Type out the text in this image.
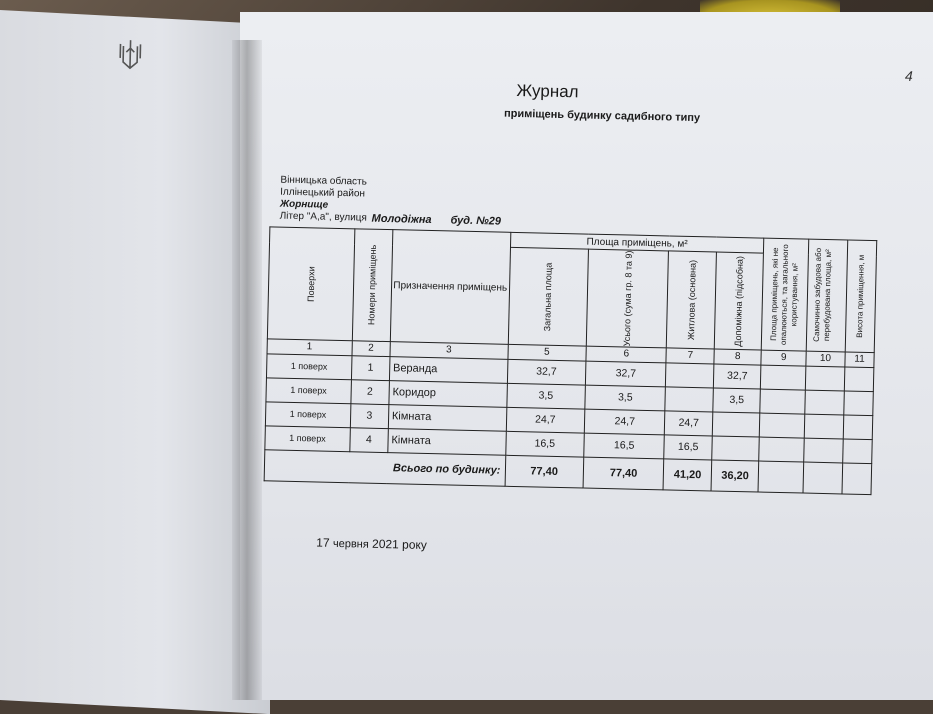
4
Журнал
приміщень будинку садибного типу
Вінницька область
Іллінецький район
Жорнище
Літер "А,а", вулиця Молодіжна буд. №29
Поверхи	Номери приміщень	Призначення приміщень	Площа приміщень, м²				Площа приміщень, які не опалюються, та загального користування, м²	Самочинно забудова або перебудована площа, м²	Висота приміщення, м

			Загальна площа	Усього (сума гр. 8 та 9)	Житлова (основна)	Допоміжна (підсобна)			

1	2	3	5	6	7	8	9	10	11
1 поверх	1	Веранда	32,7	32,7		32,7			
1 поверх	2	Коридор	3,5	3,5		3,5			
1 поверх	3	Кімната	24,7	24,7	24,7				
1 поверх	4	Кімната	16,5	16,5	16,5				
Всього по будинку:			77,40	77,40	41,20	36,20			
17 червня 2021 року
